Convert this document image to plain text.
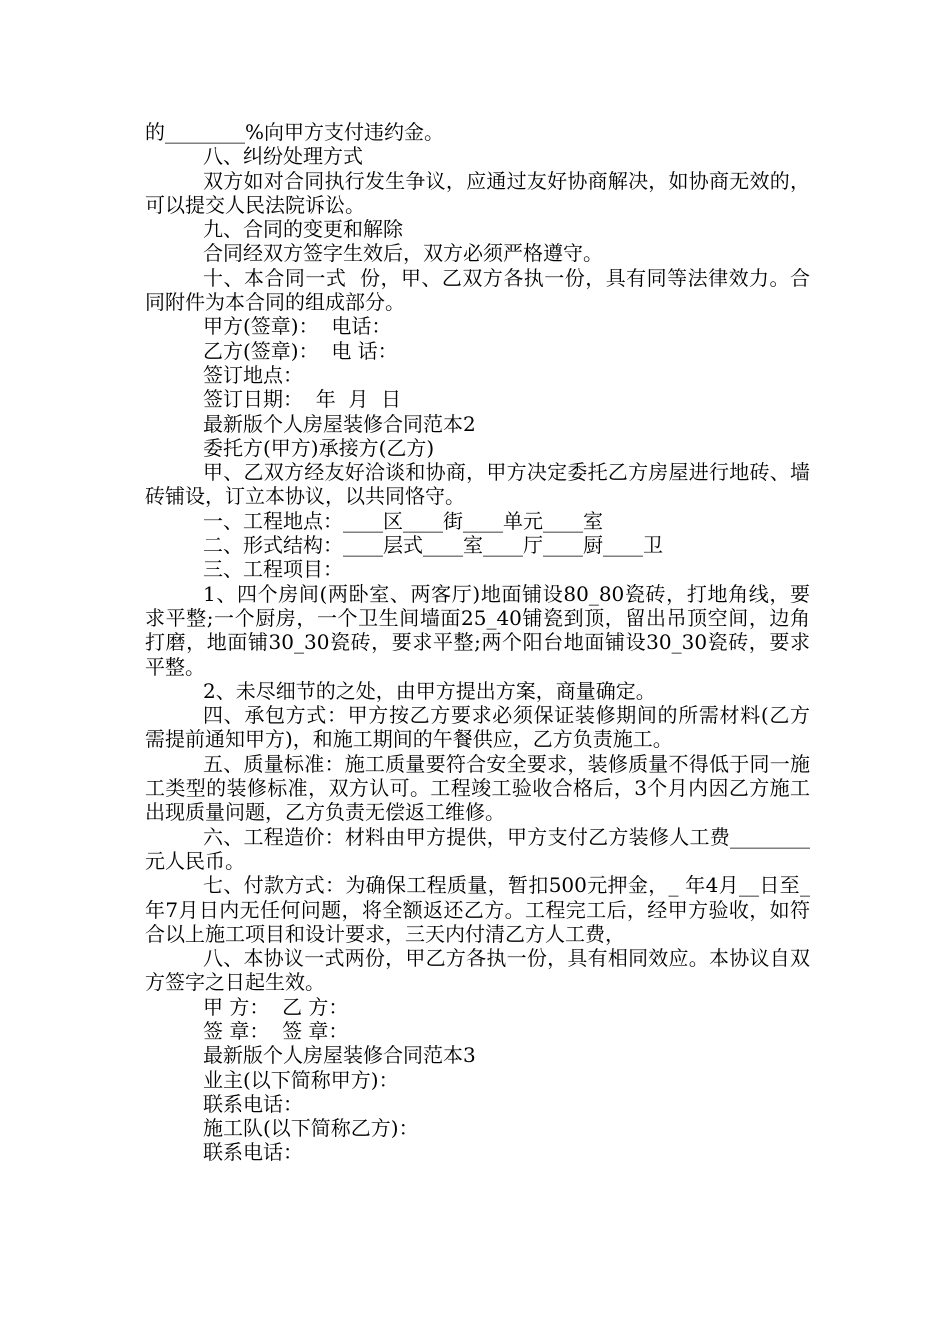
的________%向甲方支付违约金。

八、纠纷处理方式

双方如对合同执行发生争议，应通过友好协商解决，如协商无效的，可以提交人民法院诉讼。

九、合同的变更和解除

合同经双方签字生效后，双方必须严格遵守。

十、本合同一式  份，甲、乙双方各执一份，具有同等法律效力。合同附件为本合同的组成部分。

甲方(签章)：  电话：

乙方(签章)：  电 话：

签订地点：

签订日期：  年  月  日

最新版个人房屋装修合同范本2

委托方(甲方)承接方(乙方)

甲、乙双方经友好洽谈和协商，甲方决定委托乙方房屋进行地砖、墙砖铺设，订立本协议，以共同恪守。

一、工程地点：____区____街____单元____室

二、形式结构：____层式____室____厅____厨____卫

三、工程项目：

1、四个房间(两卧室、两客厅)地面铺设80_80瓷砖，打地角线，要求平整;一个厨房，一个卫生间墙面25_40铺瓷到顶，留出吊顶空间，边角打磨，地面铺30_30瓷砖，要求平整;两个阳台地面铺设30_30瓷砖，要求平整。

2、未尽细节的之处，由甲方提出方案，商量确定。

四、承包方式：甲方按乙方要求必须保证装修期间的所需材料(乙方需提前通知甲方)，和施工期间的午餐供应，乙方负责施工。

五、质量标准：施工质量要符合安全要求，装修质量不得低于同一施工类型的装修标准，双方认可。工程竣工验收合格后，3个月内因乙方施工出现质量问题，乙方负责无偿返工维修。

六、工程造价：材料由甲方提供，甲方支付乙方装修人工费________元人民币。

七、付款方式：为确保工程质量，暂扣500元押金，_ 年4月__日至_年7月日内无任何问题，将全额返还乙方。工程完工后，经甲方验收，如符合以上施工项目和设计要求，三天内付清乙方人工费，

八、本协议一式两份，甲乙方各执一份，具有相同效应。本协议自双方签字之日起生效。

甲 方：  乙 方：

签 章：  签 章：

最新版个人房屋装修合同范本3

业主(以下简称甲方)：

联系电话：

施工队(以下简称乙方)：

联系电话：
